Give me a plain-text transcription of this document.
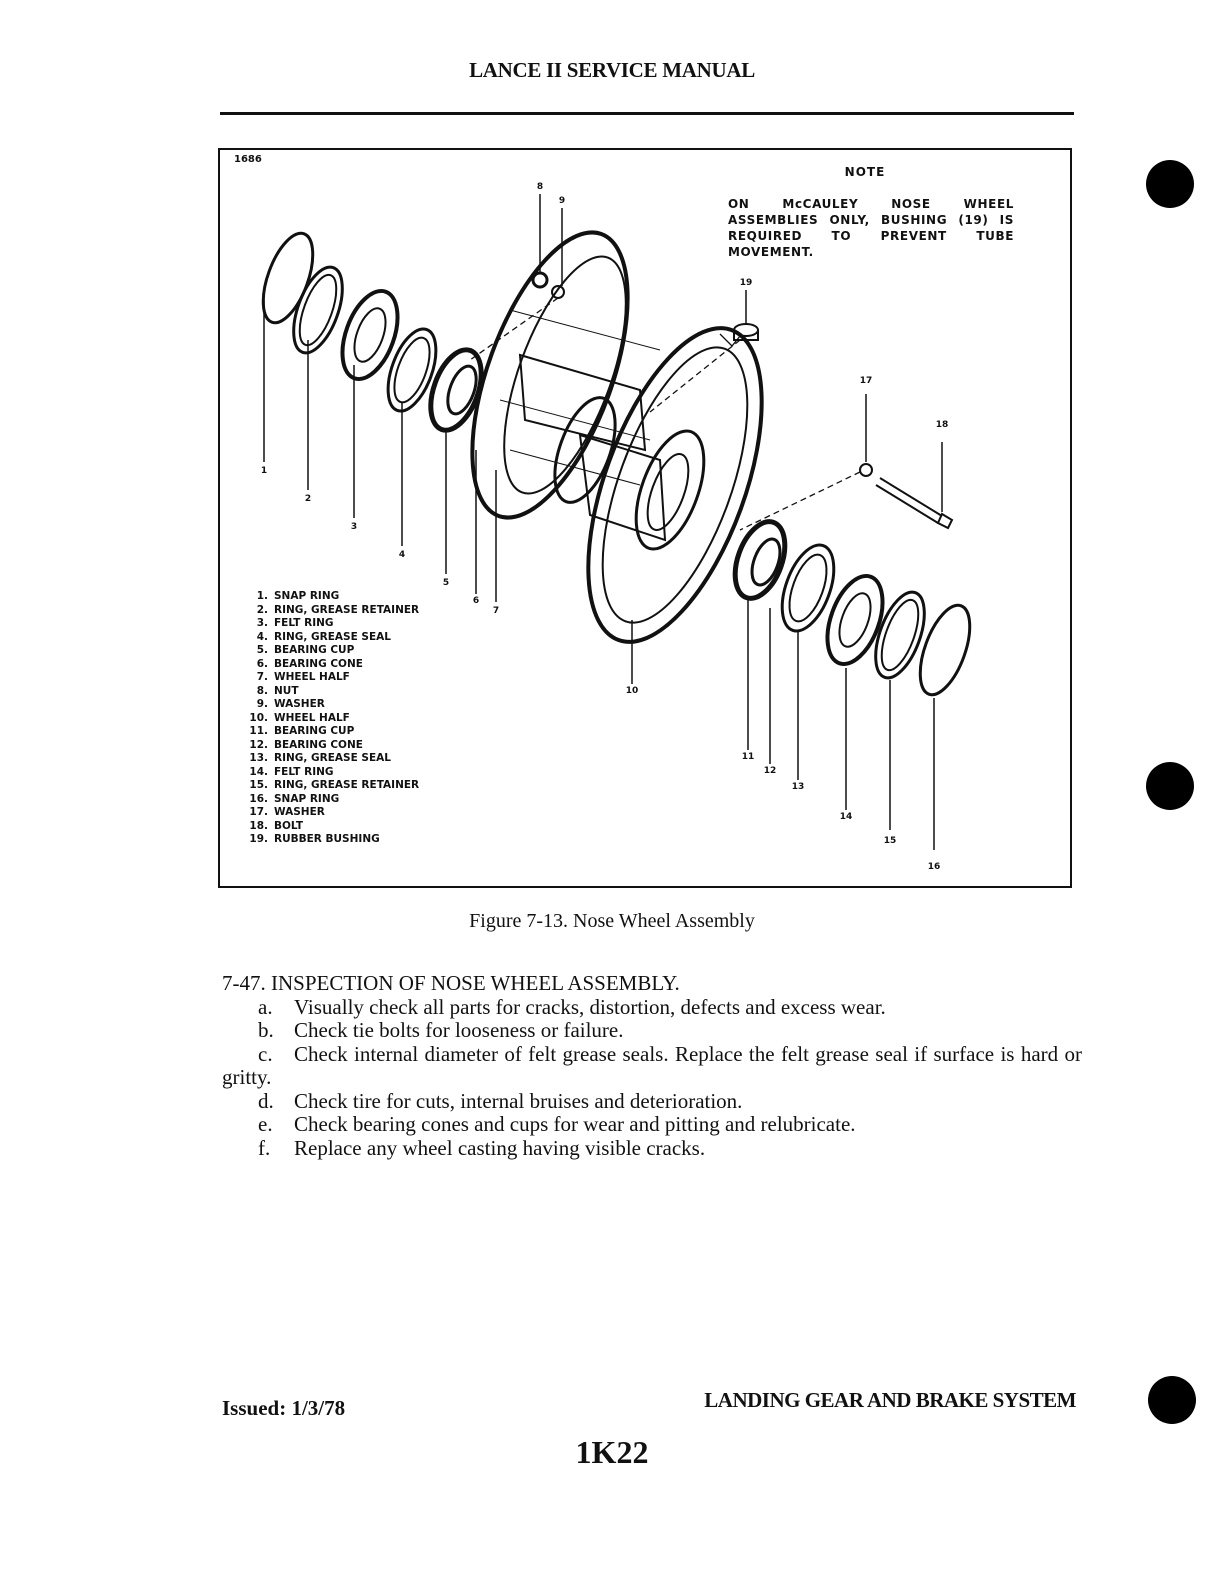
LANCE II SERVICE MANUAL
1686
NOTE
ON McCAULEY NOSE WHEEL ASSEMBLIES ONLY, BUSHING (19) IS REQUIRED TO PREVENT TUBE MOVEMENT.
1
2
3
4
5
6
7
8
9
10
11
12
13
14
15
16
17
18
19
1. SNAP RING
2. RING, GREASE RETAINER
3. FELT RING
4. RING, GREASE SEAL
5. BEARING CUP
6. BEARING CONE
7. WHEEL HALF
8. NUT
9. WASHER
10. WHEEL HALF
11. BEARING CUP
12. BEARING CONE
13. RING, GREASE SEAL
14. FELT RING
15. RING, GREASE RETAINER
16. SNAP RING
17. WASHER
18. BOLT
19. RUBBER BUSHING
Figure 7-13. Nose Wheel Assembly
7-47. INSPECTION OF NOSE WHEEL ASSEMBLY.
a. Visually check all parts for cracks, distortion, defects and excess wear.
b. Check tie bolts for looseness or failure.
c. Check internal diameter of felt grease seals. Replace the felt grease seal if surface is hard or gritty.
d. Check tire for cuts, internal bruises and deterioration.
e. Check bearing cones and cups for wear and pitting and relubricate.
f. Replace any wheel casting having visible cracks.
Issued: 1/3/78	LANDING GEAR AND BRAKE SYSTEM
1K22
